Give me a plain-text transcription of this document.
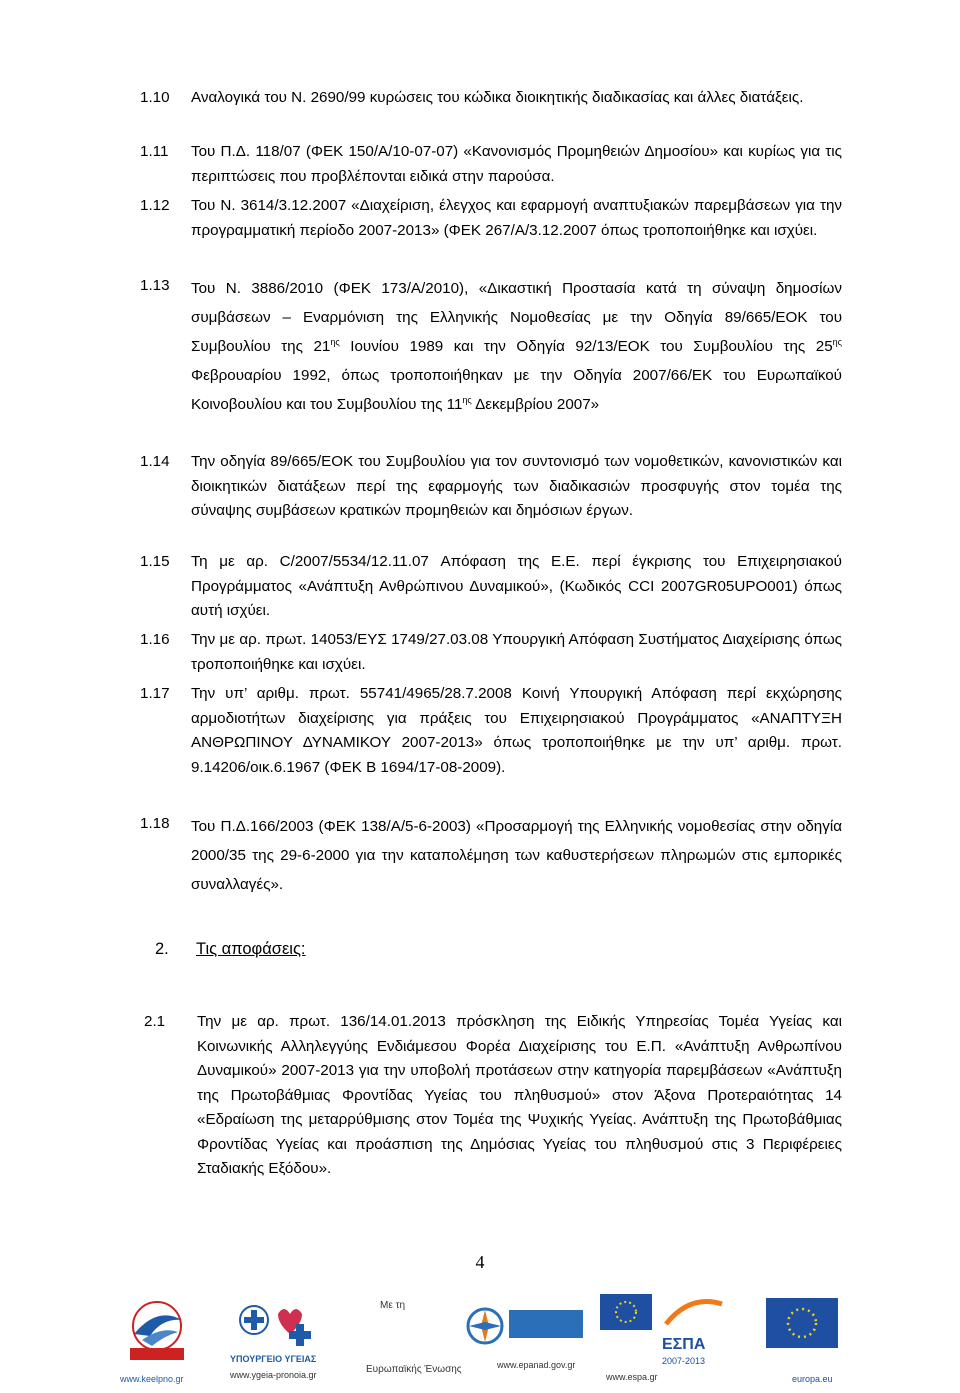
1.10 Αναλογικά του Ν. 2690/99 κυρώσεις του κώδικα διοικητικής διαδικασίας και άλλες διατάξεις.
1.11 Του Π.Δ. 118/07 (ΦΕΚ 150/Α/10-07-07) «Κανονισμός Προμηθειών Δημοσίου» και κυρίως για τις περιπτώσεις που προβλέπονται ειδικά στην παρούσα.
1.12 Του Ν. 3614/3.12.2007 «Διαχείριση, έλεγχος και εφαρμογή αναπτυξιακών παρεμβάσεων για την προγραμματική περίοδο 2007-2013» (ΦΕΚ 267/Α/3.12.2007 όπως τροποποιήθηκε και ισχύει.
1.13 Του Ν. 3886/2010 (ΦΕΚ 173/Α/2010), «Δικαστική Προστασία κατά τη σύναψη δημοσίων συμβάσεων – Εναρμόνιση της Ελληνικής Νομοθεσίας με την Οδηγία 89/665/ΕΟΚ του Συμβουλίου της $21^{\eta\varsigma}$ Ιουνίου 1989 και την Οδηγία 92/13/ΕΟΚ του Συμβουλίου της $25^{\eta\varsigma}$ Φεβρουαρίου 1992, όπως τροποποιήθηκαν με την Οδηγία 2007/66/ΕΚ του Ευρωπαϊκού Κοινοβουλίου και του Συμβουλίου της $11^{\eta\varsigma}$ Δεκεμβρίου 2007»
1.14 Την οδηγία 89/665/ΕΟΚ του Συμβουλίου για τον συντονισμό των νομοθετικών, κανονιστικών και διοικητικών διατάξεων περί της εφαρμογής των διαδικασιών προσφυγής στον τομέα της σύναψης συμβάσεων κρατικών προμηθειών και δημόσιων έργων.
1.15 Τη με αρ. C/2007/5534/12.11.07 Απόφαση της Ε.Ε. περί έγκρισης του Επιχειρησιακού Προγράμματος «Ανάπτυξη Ανθρώπινου Δυναμικού», (Κωδικός CCI 2007GR05UPO001) όπως αυτή ισχύει.
1.16 Την με αρ. πρωτ. 14053/ΕΥΣ 1749/27.03.08 Υπουργική Απόφαση Συστήματος Διαχείρισης όπως τροποποιήθηκε και ισχύει.
1.17 Την υπ’ αριθμ. πρωτ. 55741/4965/28.7.2008 Κοινή Υπουργική Απόφαση περί εκχώρησης αρμοδιοτήτων διαχείρισης για πράξεις του Επιχειρησιακού Προγράμματος «ΑΝΑΠΤΥΞΗ ΑΝΘΡΩΠΙΝΟΥ ΔΥΝΑΜΙΚΟΥ 2007-2013» όπως τροποποιήθηκε με την υπ’ αριθμ. πρωτ. 9.14206/οικ.6.1967 (ΦΕΚ Β 1694/17-08-2009).
1.18 Του Π.Δ.166/2003 (ΦΕΚ 138/Α/5-6-2003) «Προσαρμογή της Ελληνικής νομοθεσίας στην οδηγία 2000/35 της 29-6-2000 για την καταπολέμηση των καθυστερήσεων πληρωμών στις εμπορικές συναλλαγές».
2. Τις αποφάσεις:
2.1 Την με αρ. πρωτ. 136/14.01.2013 πρόσκληση της Ειδικής Υπηρεσίας Τομέα Υγείας και Κοινωνικής Αλληλεγγύης Ενδιάμεσου Φορέα Διαχείρισης του Ε.Π. «Ανάπτυξη Ανθρωπίνου Δυναμικού» 2007-2013 για την υποβολή προτάσεων στην κατηγορία παρεμβάσεων «Ανάπτυξη της Πρωτοβάθμιας Φροντίδας Υγείας του πληθυσμού» στον Άξονα Προτεραιότητας 14 «Εδραίωση της μεταρρύθμισης στον Τομέα της Ψυχικής Υγείας. Ανάπτυξη της Πρωτοβάθμιας Φροντίδας Υγείας και προάσπιση της Δημόσιας Υγείας του πληθυσμού στις 3 Περιφέρειες Σταδιακής Εξόδου».
4
www.keelpno.gr
ΥΠΟΥΡΓΕΙΟ ΥΓΕΙΑΣ
www.ygeia-pronoia.gr
Με τη
Ευρωπαϊκής Ένωσης	www.epanad.gov.gr
ΕΣΠΑ
2007-2013
www.espa.gr	europa.eu
